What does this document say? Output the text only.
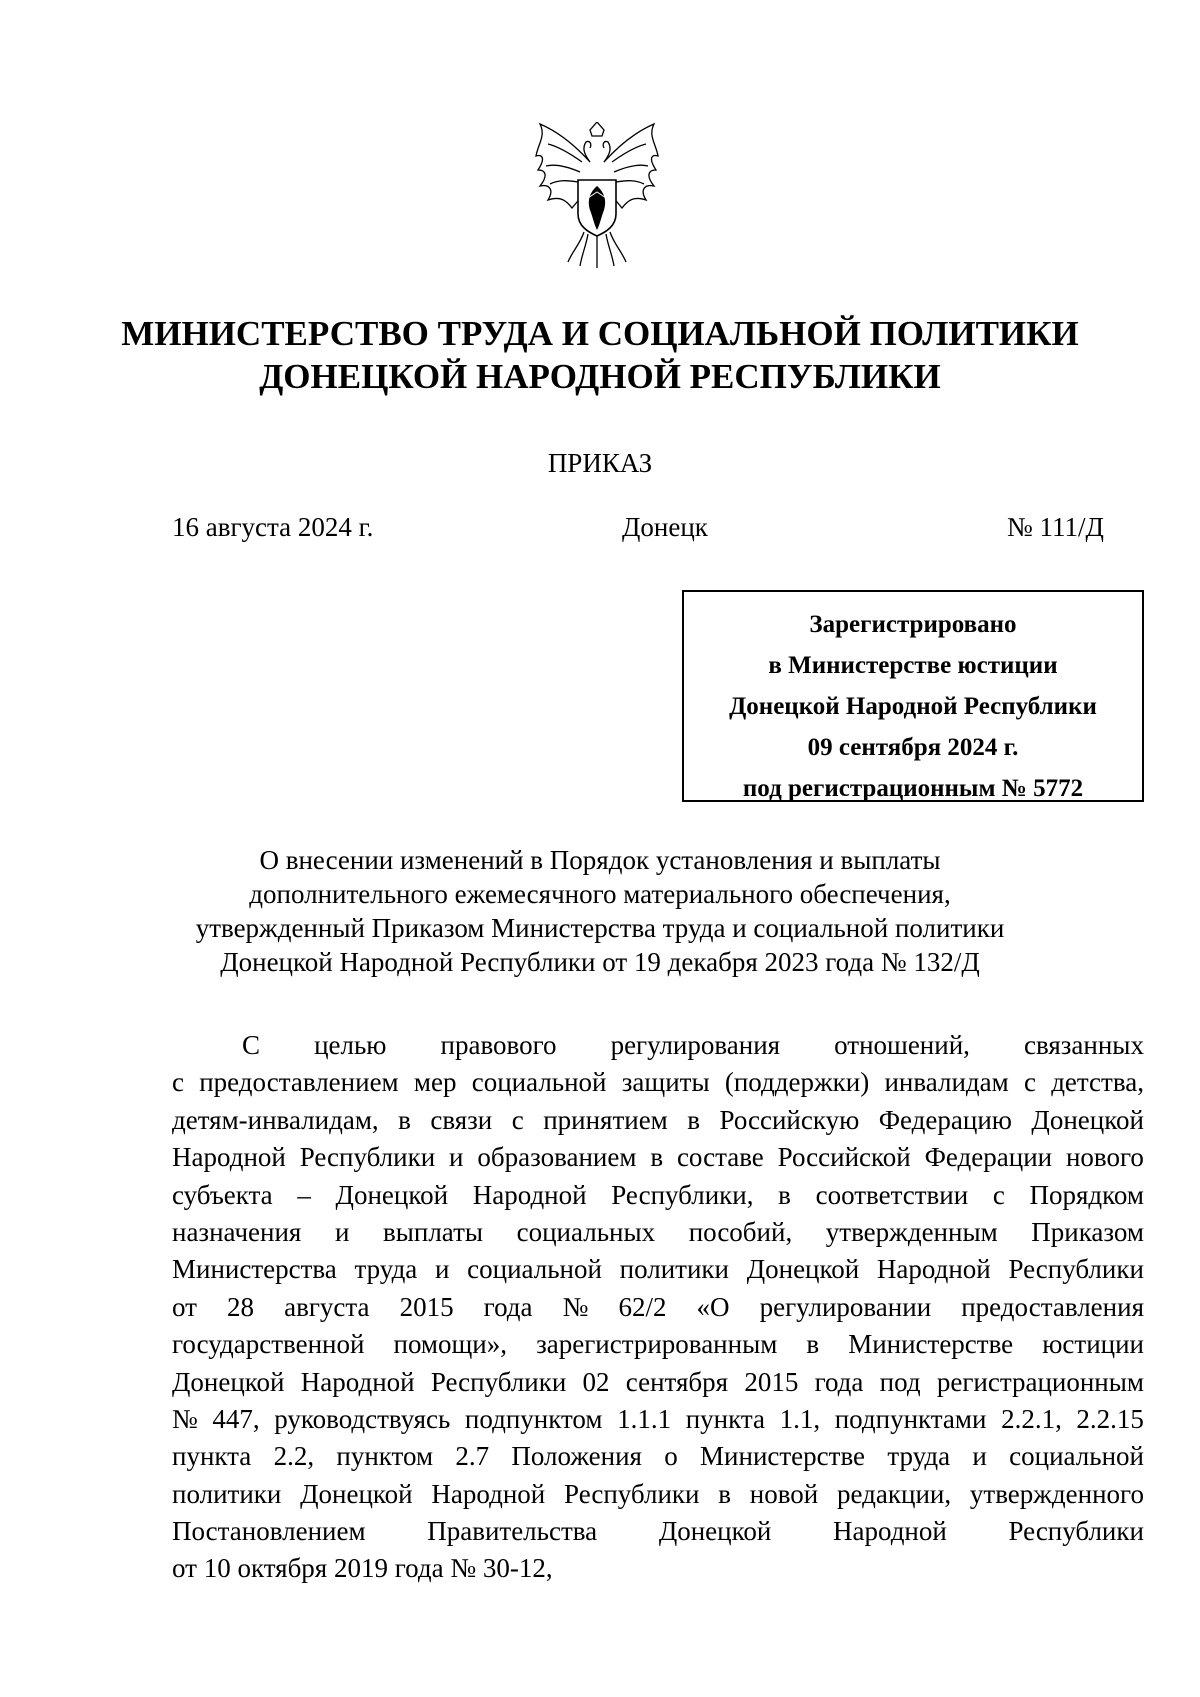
МИНИСТЕРСТВО ТРУДА И СОЦИАЛЬНОЙ ПОЛИТИКИ
ДОНЕЦКОЙ НАРОДНОЙ РЕСПУБЛИКИ
ПРИКАЗ
16 августа 2024 г.	Донецк	№ 111/Д
Зарегистрировано
в Министерстве юстиции
Донецкой Народной Республики
09 сентября 2024 г.
под регистрационным № 5772
О внесении изменений в Порядок установления и выплаты
дополнительного ежемесячного материального обеспечения,
утвержденный Приказом Министерства труда и социальной политики
Донецкой Народной Республики от 19 декабря 2023 года № 132/Д
С целью правового регулирования отношений, связанных
с предоставлением мер социальной защиты (поддержки) инвалидам с детства,
детям-инвалидам, в связи с принятием в Российскую Федерацию Донецкой
Народной Республики и образованием в составе Российской Федерации нового
субъекта – Донецкой Народной Республики, в соответствии с Порядком
назначения и выплаты социальных пособий, утвержденным Приказом
Министерства труда и социальной политики Донецкой Народной Республики
от 28 августа 2015 года № 62/2 «О регулировании предоставления
государственной помощи», зарегистрированным в Министерстве юстиции
Донецкой Народной Республики 02 сентября 2015 года под регистрационным
№ 447, руководствуясь подпунктом 1.1.1 пункта 1.1, подпунктами 2.2.1, 2.2.15
пункта 2.2, пунктом 2.7 Положения о Министерстве труда и социальной
политики Донецкой Народной Республики в новой редакции, утвержденного
Постановлением Правительства Донецкой Народной Республики
от 10 октября 2019 года № 30-12,
